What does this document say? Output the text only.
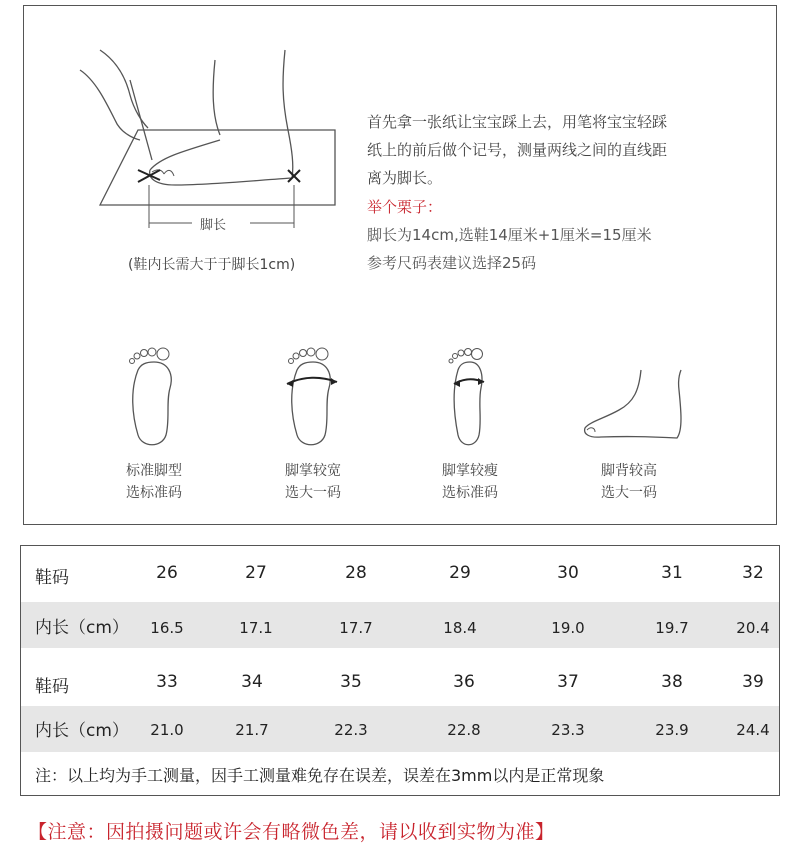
脚长
(鞋内长需大于于脚长1cm)
首先拿一张纸让宝宝踩上去，用笔将宝宝轻踩
纸上的前后做个记号，测量两线之间的直线距
离为脚长。
举个栗子：
脚长为14cm,选鞋14厘米+1厘米=15厘米
参考尺码表建议选择25码
标准脚型
选标准码
脚掌较宽
选大一码
脚掌较瘦
选标准码
脚背较高
选大一码
鞋码	26	27	28	29	30	31	32
内长（cm）	16.5	17.1	17.7	18.4	19.0	19.7	20.4
鞋码	33	34	35	36	37	38	39
内长（cm）	21.0	21.7	22.3	22.8	23.3	23.9	24.4
注：以上均为手工测量，因手工测量难免存在误差，误差在3mm以内是正常现象
【注意：因拍摄问题或许会有略微色差，请以收到实物为准】
